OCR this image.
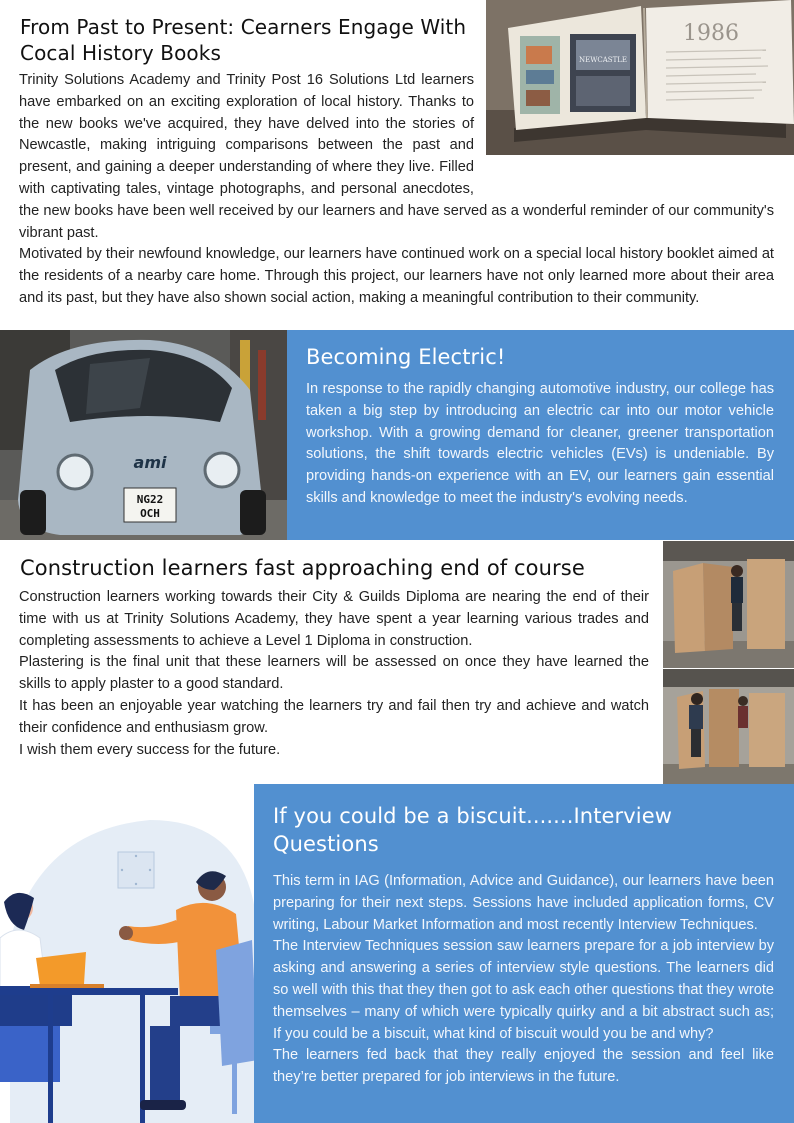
From Past to Present: Cearners Engage With Cocal History Books	NEWCASTLE
1986

Trinity Solutions Academy and Trinity Post 16 Solutions Ltd learners have embarked on an exciting exploration of local history. Thanks to the new books we've acquired, they have delved into the stories of Newcastle, making intriguing comparisons between the past and present, and gaining a deeper understanding of where they live. Filled with captivating tales, vintage photographs, and personal anecdotes, the new books have been well received by our learners and have served as a wonderful reminder of our community's vibrant past.

Motivated by their newfound knowledge, our learners have continued work on a special local history booklet aimed at the residents of a nearby care home. Through this project, our learners have not only learned more about their area and its past, but they have also shown social action, making a meaningful contribution to their community.

ami
NG22
OCH
Becoming Electric!

In response to the rapidly changing automotive industry, our college has taken a big step by introducing an electric car into our motor vehicle workshop. With a growing demand for cleaner, greener transportation solutions, the shift towards electric vehicles (EVs) is undeniable. By providing hands-on experience with an EV, our learners gain essential skills and knowledge to meet the industry's evolving needs.

Construction learners fast approaching end of course

Construction learners working towards their City & Guilds Diploma are nearing the end of their time with us at Trinity Solutions Academy, they have spent a year learning various trades and completing assessments to achieve a Level 1 Diploma in construction.

Plastering is the final unit that these learners will be assessed on once they have learned the skills to apply plaster to a good standard.

It has been an enjoyable year watching the learners try and fail then try and achieve and watch their confidence and enthusiasm grow.

I wish them every success for the future.

If you could be a biscuit.......Interview Questions

This term in IAG (Information, Advice and Guidance), our learners have been preparing for their next steps. Sessions have included application forms, CV writing, Labour Market Information and most recently Interview Techniques.

The Interview Techniques session saw learners prepare for a job interview by asking and answering a series of interview style questions. The learners did so well with this that they then got to ask each other questions that they wrote themselves – many of which were typically quirky and a bit abstract such as; If you could be a biscuit, what kind of biscuit would you be and why?

The learners fed back that they really enjoyed the session and feel like they’re better prepared for job interviews in the future.
